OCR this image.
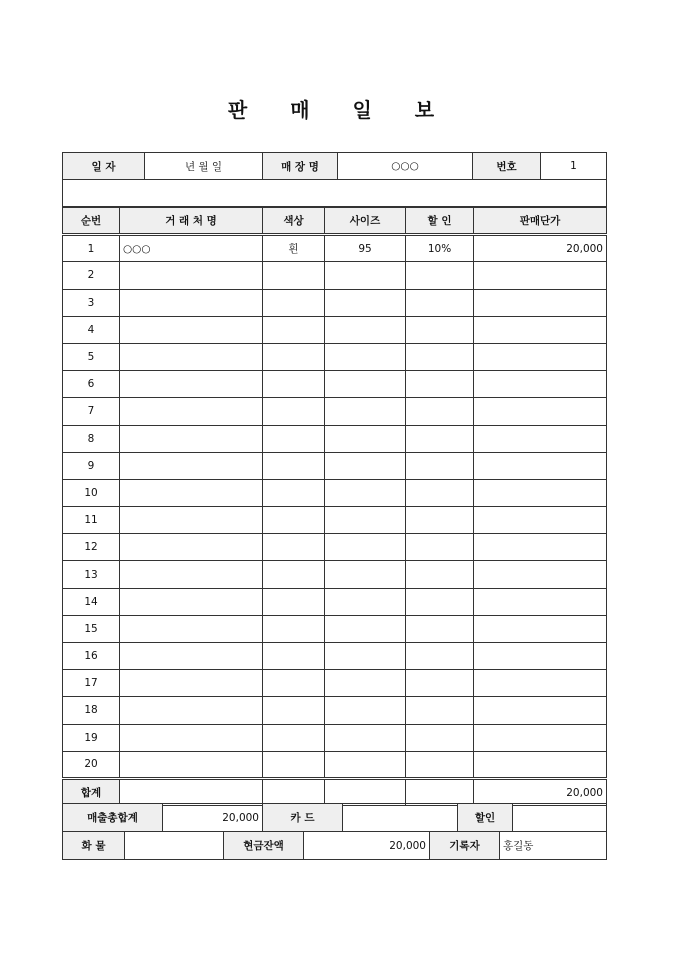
판 매 일 보
일 자	년 월 일	매 장 명	○○○	번호	1

순번	거 래 처 명	색상	사이즈	할 인	판매단가
1	○○○	흰	95	10%	20,000
2					
3					
4					
5					
6					
7					
8					
9					
10					
11					
12					
13					
14					
15					
16					
17					
18					
19					
20					
합계					20,000
매출총합계	20,000	카 드		할인	
화 물		현금잔액	20,000	기록자	홍길동
